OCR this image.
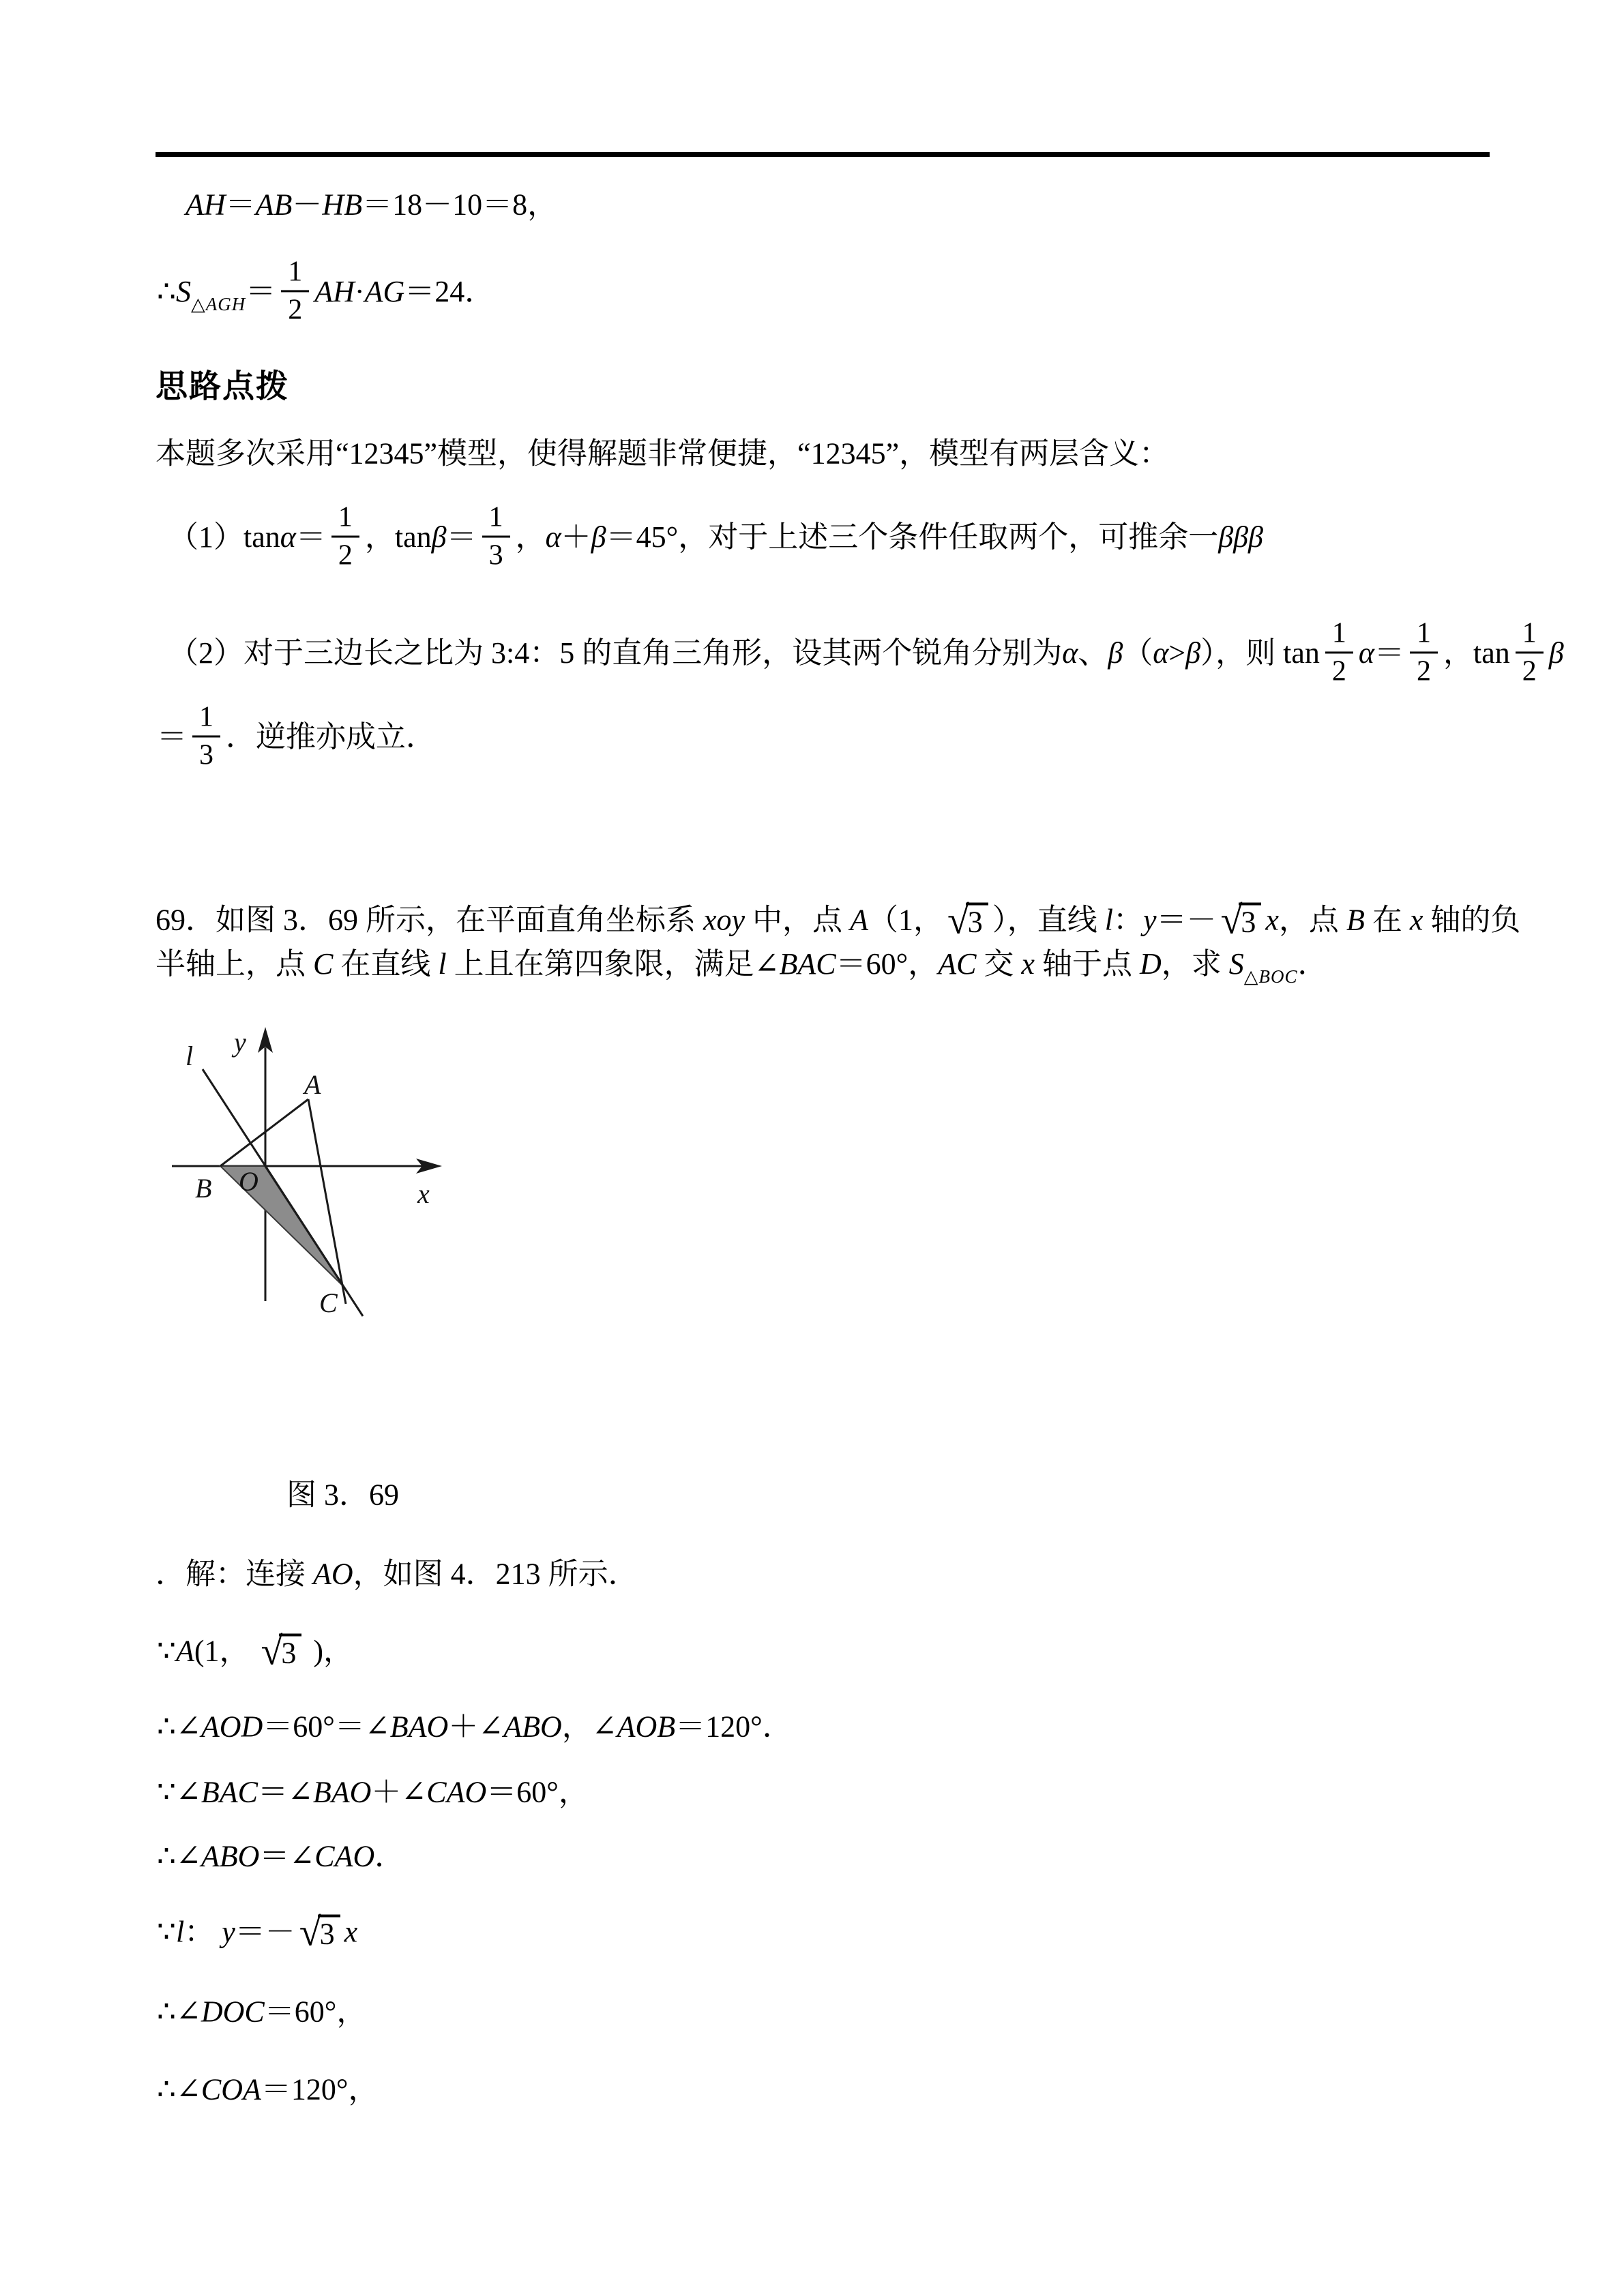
AH＝AB－HB＝18－10＝8，
$\therefore S_{\triangle AGH}= \frac{1}{2} AH\cdot AG=24$．
思路点拨
本题多次采用“12345”模型，使得解题非常便捷，“12345”，模型有两层含义：
$(1)\tan\alpha= \frac{1}{2}$ ，$\tan\beta= \frac{1}{3}$ ，α＋β＝45°，对于上述三个条件任取两个，可推余一βββ
（2）对于三边长之比为 3:4：5 的直角三角形，设其两个锐角分别为α、β（α>β），则 $\tan \frac{1}{2} \alpha= \frac{1}{2}$ ，$\tan \frac{1}{2}$ β
＝ $\frac{1}{3}$ ．逆推亦成立．
69．如图 3．69 所示，在平面直角坐标系 xoy 中，点 A（1， √
3 ），直线 l：y＝－ √
3 x，点 B 在 x 轴的负
半轴上，点 C 在直线 l 上且在第四象限，满足∠BAC＝60°，AC 交 x 轴于点 D，求 $S_{\triangle BOC}$．
l y
x
A
B O
C
图 3．69
．解：连接 AO，如图 4．213 所示．
∵A(1， √
3 )，
∴∠AOD＝60°＝∠BAO＋∠ABO，∠AOB＝120°．
∵∠BAC＝∠BAO＋∠CAO＝60°，
∴∠ABO＝∠CAO．
∵l： y＝－ √
3 x
∴∠DOC＝60°，
∴∠COA＝120°，
